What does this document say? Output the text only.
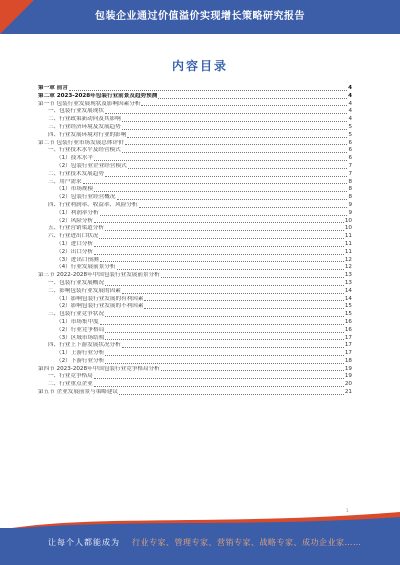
包装企业通过价值溢价实现增长策略研究报告
内容目录
第一章 前言	4
第二章 2023-2028年包装行业前景及趋势预测	4
第一节 包装行业发展现状及影响因素分析	4
一、包装行业发展现状	4
二、行业政策新动向及其影响	4
三、行业经济环境及发展趋势	5
四、行业发展环境对行业的影响	5
第二节 包装行业市场发展总体评价	6
一、行业技术水平及经营模式	6
（1）技术水平	6
（2）包装行业企业经营模式	7
二、行业技术发展趋势	7
三、用户需求	8
（1）市场规模	8
（2）包装行业经营概况	8
四、行业利润率、收益率、风险分析	9
（1）利润率分析	9
（2）风险分析	10
五、行业营销渠道分析	10
六、行业进出口状况	11
（1）进口分析	11
（2）出口分析	11
（3）进出口预测	12
（4）行业发展前景分析	12
第三节 2022-2028年中国包装行业发展前景分析	13
一、包装行业发展概况	13
二、影响包装行业发展的因素	14
（1）影响包装行业发展的有利因素	14
（2）影响包装行业发展的不利因素	15
三、包装行业竞争状况	15
（1）市场集中度	16
（2）行业竞争格局	16
（3）区域市场结构	17
四、行业上下游发展状况分析	17
（1）上游行业分析	17
（2）下游行业分析	18
第四节 2023-2028年中国包装行业竞争格局分析	19
一、行业竞争格局	19
二、行业重点企业	20
第五节 企业发展前景与策略建议	21
1
让每个人都能成为 行业专家、管理专家、营销专家、战略专家、成功企业家……
